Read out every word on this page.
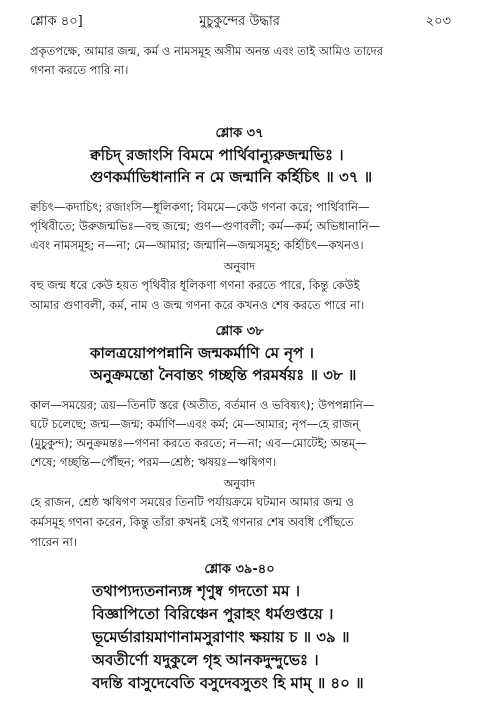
শ্লোক ৪০]	মুচুকুন্দের উদ্ধার	২০৩
প্রকৃতপক্ষে, আমার জন্ম, কর্ম ও নামসমূহ অসীম অনন্ত এবং তাই আমিও তাদের
গণনা করতে পারি না।
শ্লোক ৩৭
ক্বচিদ্ রজাংসি বিমমে পার্থিবান্যুরুজন্মভিঃ ।
গুণকর্মাভিধানানি ন মে জন্মানি কর্হিচিৎ ॥ ৩৭ ॥
ক্বচিৎ—কদাচিৎ; রজাংসি—ধূলিকণা; বিমমে—কেউ গণনা করে; পার্থিবানি—
পৃথিবীতে; উরুজন্মভিঃ—বহু জন্মে; গুণ—গুণাবলী; কর্ম—কর্ম; অভিধানানি—
এবং নামসমূহ; ন—না; মে—আমার; জন্মানি—জন্মসমূহ; কর্হিচিৎ—কখনও।
অনুবাদ
বহু জন্ম ধরে কেউ হয়ত পৃথিবীর ধূলিকণা গণনা করতে পারে, কিন্তু কেউই
আমার গুণাবলী, কর্ম, নাম ও জন্ম গণনা করে কখনও শেষ করতে পারে না।
শ্লোক ৩৮
কালত্রয়োপপন্নানি জন্মকর্মাণি মে নৃপ ।
অনুক্রমন্তো নৈবান্তং গচ্ছন্তি পরমর্ষয়ঃ ॥ ৩৮ ॥
কাল—সময়ের; ত্রয়—তিনটি স্তরে (অতীত, বর্তমান ও ভবিষ্যৎ); উপপন্নানি—
ঘটে চলেছে; জন্ম—জন্ম; কর্মাণি—এবং কর্ম; মে—আমার; নৃপ—হে রাজন্
(মুচুকুন্দ); অনুক্রমন্তঃ—গণনা করতে করতে; ন—না; এব—মোটেই; অন্তম্—
শেষে; গচ্ছন্তি—পৌঁছন; পরম—শ্রেষ্ঠ; ঋষয়ঃ—ঋষিগণ।
অনুবাদ
হে রাজন, শ্রেষ্ঠ ঋষিগণ সময়ের তিনটি পর্যায়ক্রমে ঘটমান আমার জন্ম ও
কর্মসমূহ গণনা করেন, কিন্তু তাঁরা কখনই সেই গণনার শেষ অবধি পৌঁছতে
পারেন না।
শ্লোক ৩৯-৪০
তথাপ্যদ্যতনান্যঙ্গ শৃণুষ্ব গদতো মম ।
বিজ্ঞাপিতো বিরিঞ্চেন পুরাহং ধর্মগুপ্তয়ে ।
ভূমের্ভারায়মাণানামসুরাণাং ক্ষয়ায় চ ॥ ৩৯ ॥
অবতীর্ণো যদুকুলে গৃহ আনকদুন্দুভেঃ ।
বদন্তি বাসুদেবেতি বসুদেবসুতং হি মাম্ ॥ ৪০ ॥
